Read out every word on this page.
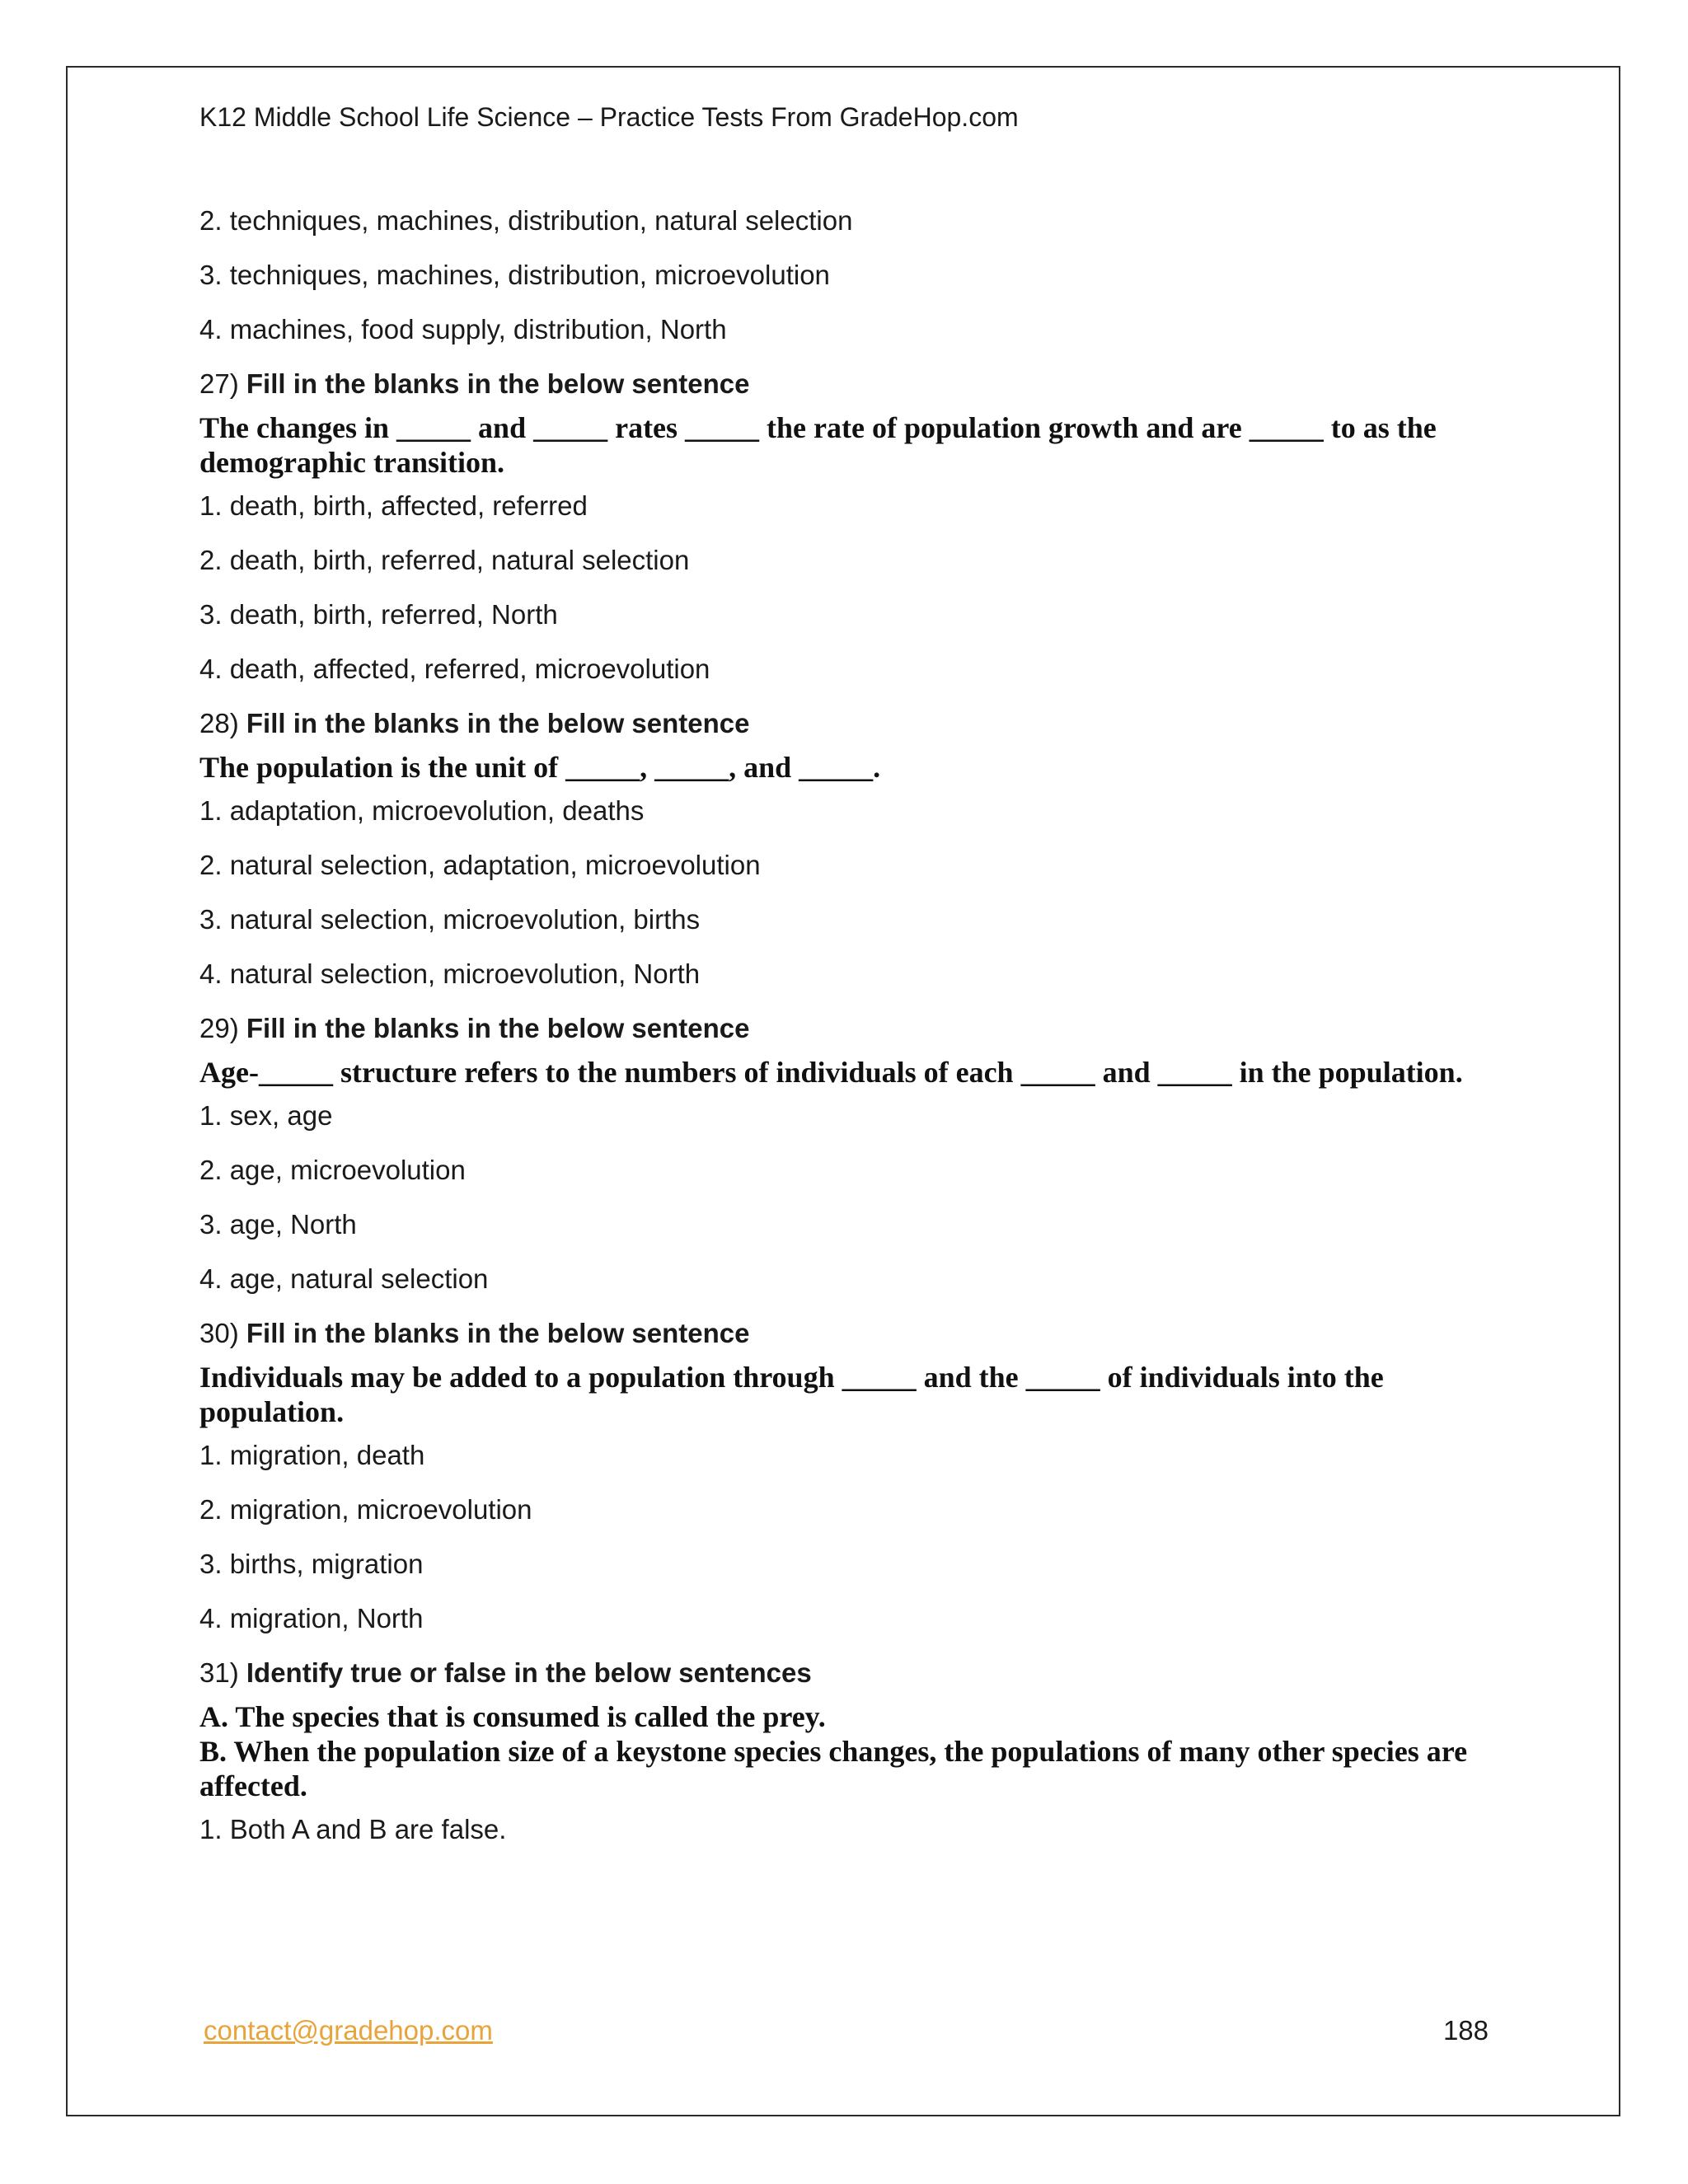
K12 Middle School Life Science – Practice Tests From GradeHop.com
2. techniques, machines, distribution, natural selection
3. techniques, machines, distribution, microevolution
4. machines, food supply, distribution, North
27) Fill in the blanks in the below sentence
The changes in _____ and _____ rates _____ the rate of population growth and are _____ to as the demographic transition.
1. death, birth, affected, referred
2. death, birth, referred, natural selection
3. death, birth, referred, North
4. death, affected, referred, microevolution
28) Fill in the blanks in the below sentence
The population is the unit of _____, _____, and _____.
1. adaptation, microevolution, deaths
2. natural selection, adaptation, microevolution
3. natural selection, microevolution, births
4. natural selection, microevolution, North
29) Fill in the blanks in the below sentence
Age-_____ structure refers to the numbers of individuals of each _____ and _____ in the population.
1. sex, age
2. age, microevolution
3. age, North
4. age, natural selection
30) Fill in the blanks in the below sentence
Individuals may be added to a population through _____ and the _____ of individuals into the population.
1. migration, death
2. migration, microevolution
3. births, migration
4. migration, North
31) Identify true or false in the below sentences
A. The species that is consumed is called the prey.
B. When the population size of a keystone species changes, the populations of many other species are affected.
1. Both A and B are false.
contact@gradehop.com	188
